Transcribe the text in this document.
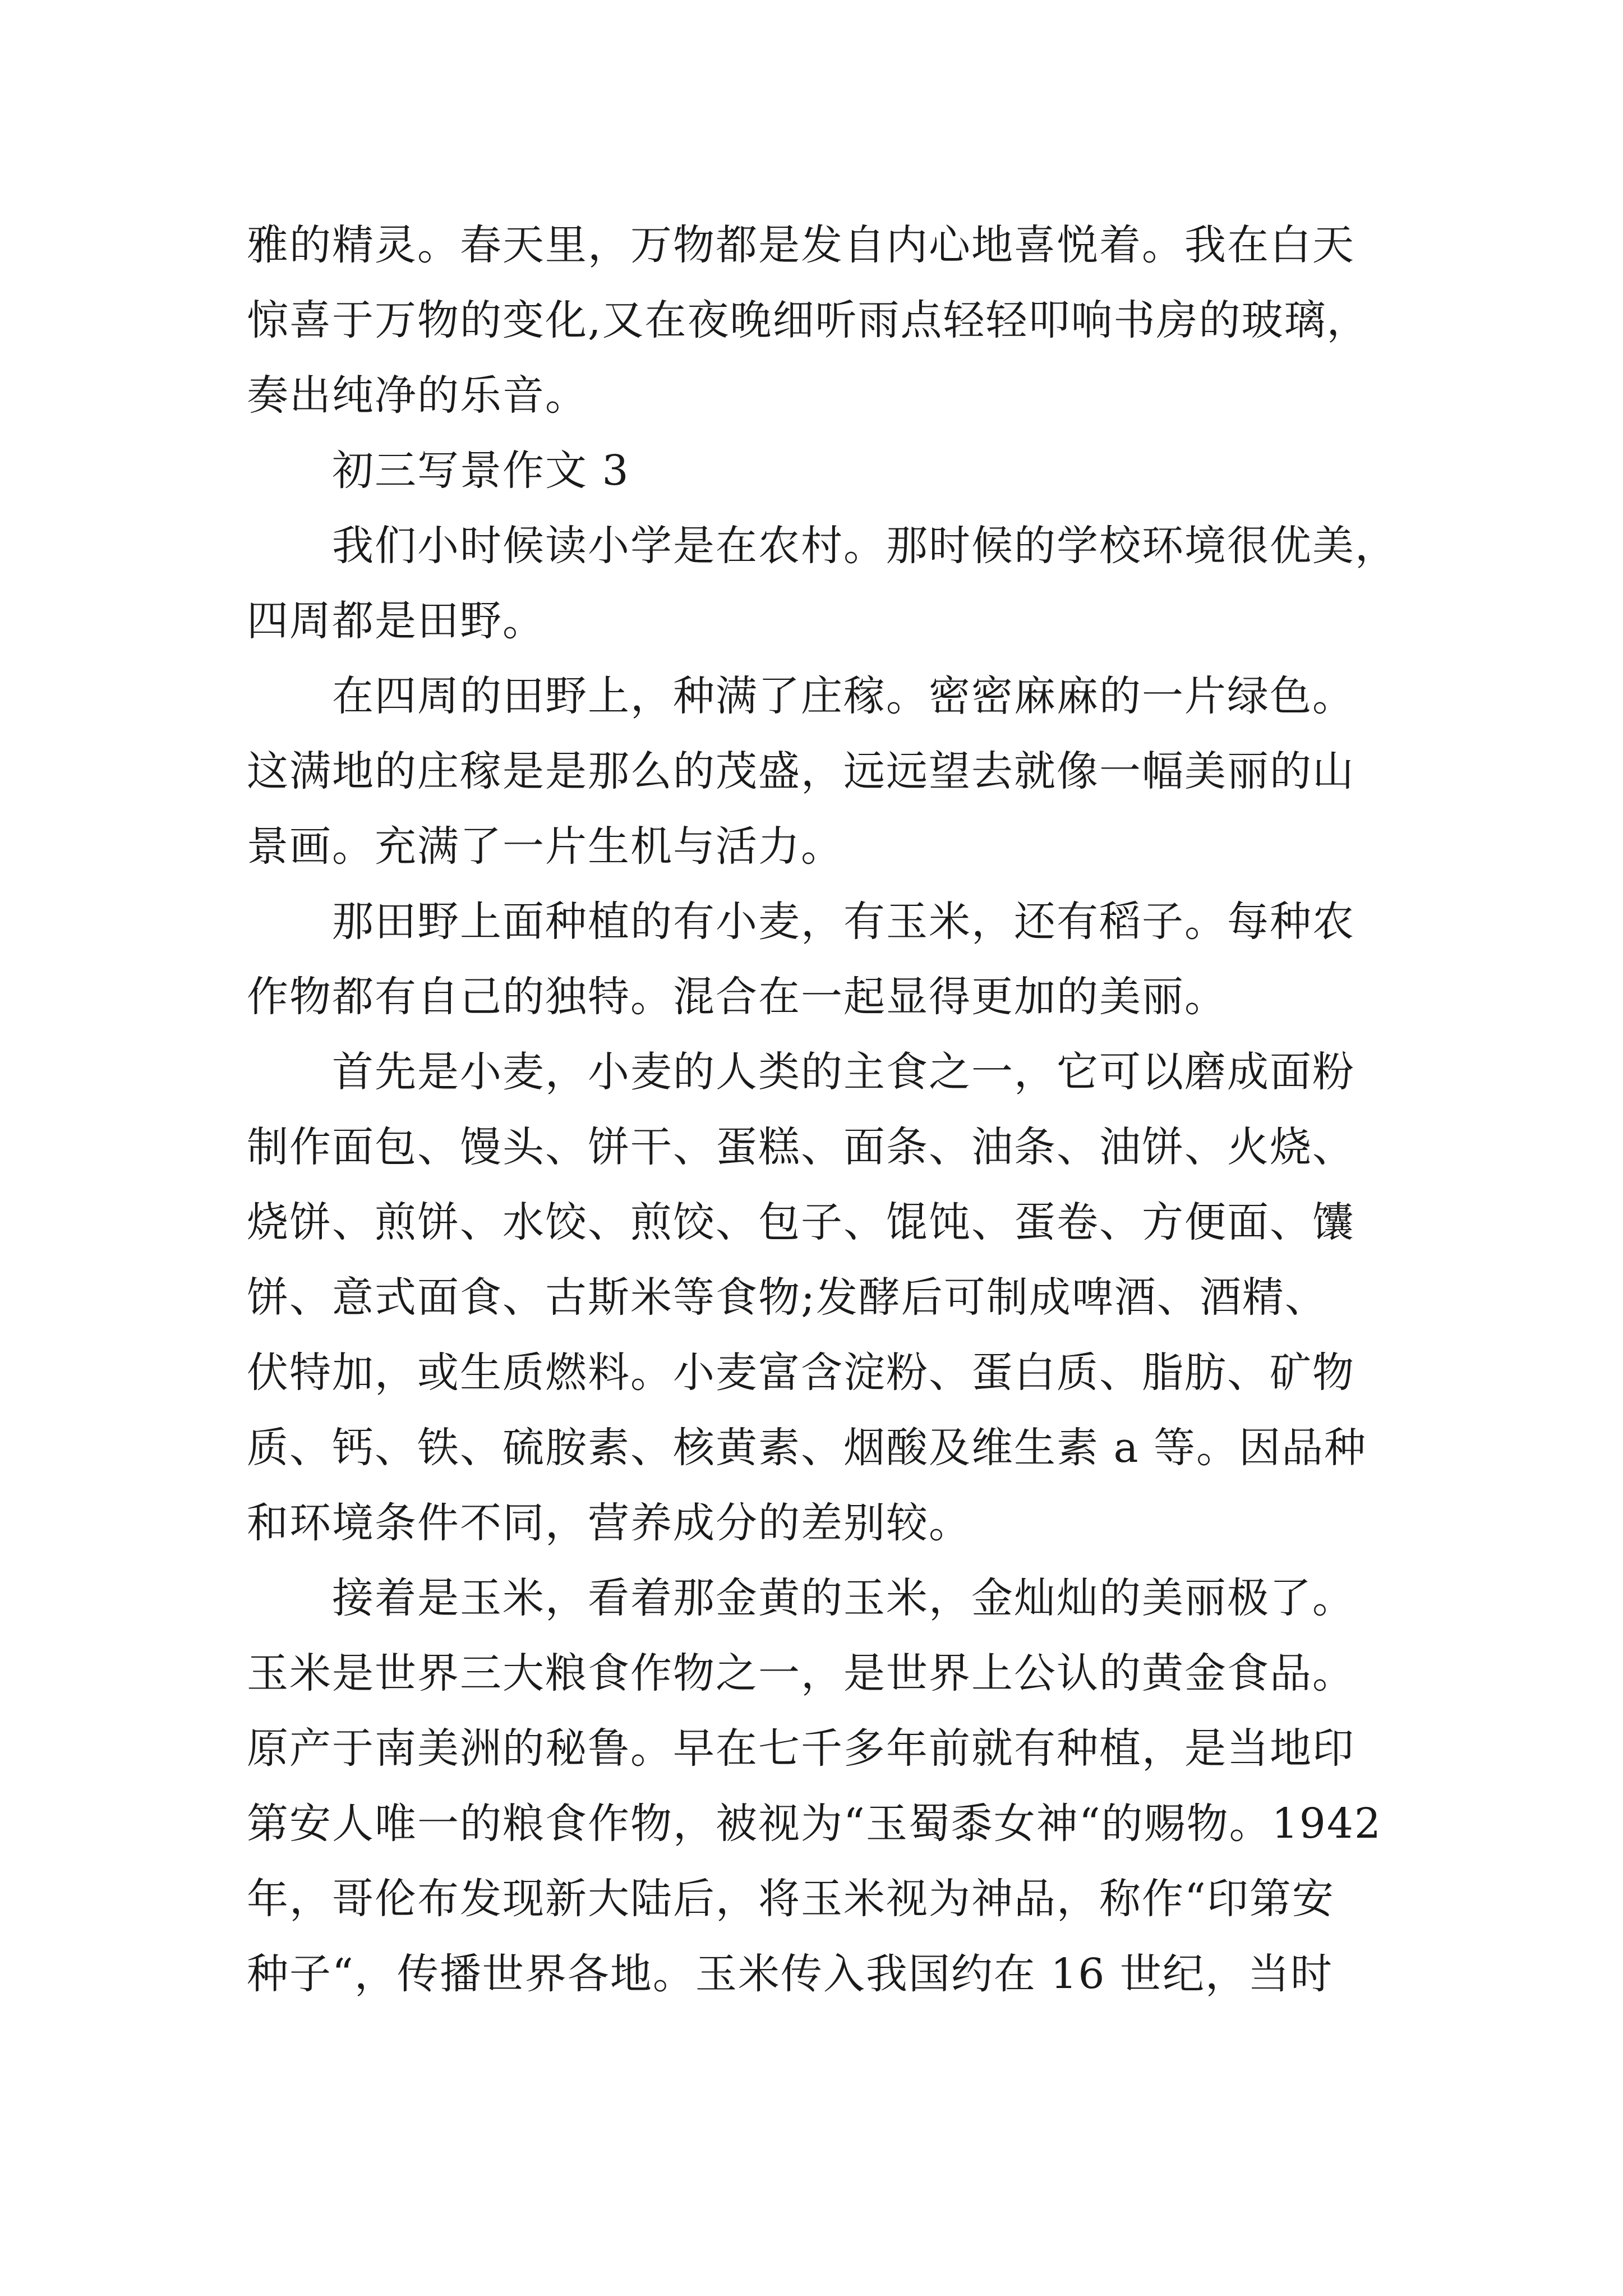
雅的精灵。春天里，万物都是发自内心地喜悦着。我在白天
惊喜于万物的变化,又在夜晚细听雨点轻轻叩响书房的玻璃，
奏出纯净的乐音。
初三写景作文 3
我们小时候读小学是在农村。那时候的学校环境很优美，
四周都是田野。
在四周的田野上，种满了庄稼。密密麻麻的一片绿色。
这满地的庄稼是是那么的茂盛，远远望去就像一幅美丽的山
景画。充满了一片生机与活力。
那田野上面种植的有小麦，有玉米，还有稻子。每种农
作物都有自己的独特。混合在一起显得更加的美丽。
首先是小麦，小麦的人类的主食之一，它可以磨成面粉
制作面包、馒头、饼干、蛋糕、面条、油条、油饼、火烧、
烧饼、煎饼、水饺、煎饺、包子、馄饨、蛋卷、方便面、馕
饼、意式面食、古斯米等食物;发酵后可制成啤酒、酒精、
伏特加，或生质燃料。小麦富含淀粉、蛋白质、脂肪、矿物
质、钙、铁、硫胺素、核黄素、烟酸及维生素 a 等。因品种
和环境条件不同，营养成分的差别较。
接着是玉米，看着那金黄的玉米，金灿灿的美丽极了。
玉米是世界三大粮食作物之一，是世界上公认的黄金食品。
原产于南美洲的秘鲁。早在七千多年前就有种植，是当地印
第安人唯一的粮食作物，被视为“玉蜀黍女神“的赐物。1942
年，哥伦布发现新大陆后，将玉米视为神品，称作“印第安
种子“，传播世界各地。玉米传入我国约在 16 世纪，当时
